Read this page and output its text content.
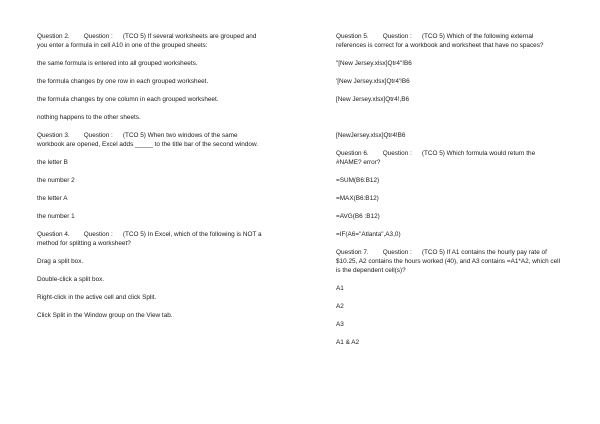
Question 2. Question : (TCO 5) If several worksheets are grouped and you enter a formula in cell A10 in one of the grouped sheets:

the same formula is entered into all grouped worksheets.

the formula changes by one row in each grouped worksheet.

the formula changes by one column in each grouped worksheet.

nothing happens to the other sheets.

Question 3. Question : (TCO 5) When two windows of the same workbook are opened, Excel adds _____ to the title bar of the second window.

the letter B

the number 2

the letter A

the number 1

Question 4. Question : (TCO 5) In Excel, which of the following is NOT a method for splitting a worksheet?

Drag a split box.

Double-click a split box.

Right-click in the active cell and click Split.

Click Split in the Window group on the View tab.

Question 5. Question : (TCO 5) Which of the following external references is correct for a workbook and worksheet that have no spaces?

"[New Jersey.xlsx]Qtr4"!B6

'[New Jersey.xlsx]Qtr4'!B6

[New Jersey.xlsx]Qtr4!,B6

[NewJersey.xlsx]Qtr4!B6

Question 6. Question : (TCO 5) Which formula would return the #NAME? error?

=SUM(B6:B12)

=MAX(B6:B12)

=AVG(B6 :B12)

=IF(A6="Atlanta",A3,0)

Question 7. Question : (TCO 5) If A1 contains the hourly pay rate of $10.25, A2 contains the hours worked (40), and A3 contains =A1*A2, which cell is the dependent cell(s)?

A1

A2

A3

A1 & A2
